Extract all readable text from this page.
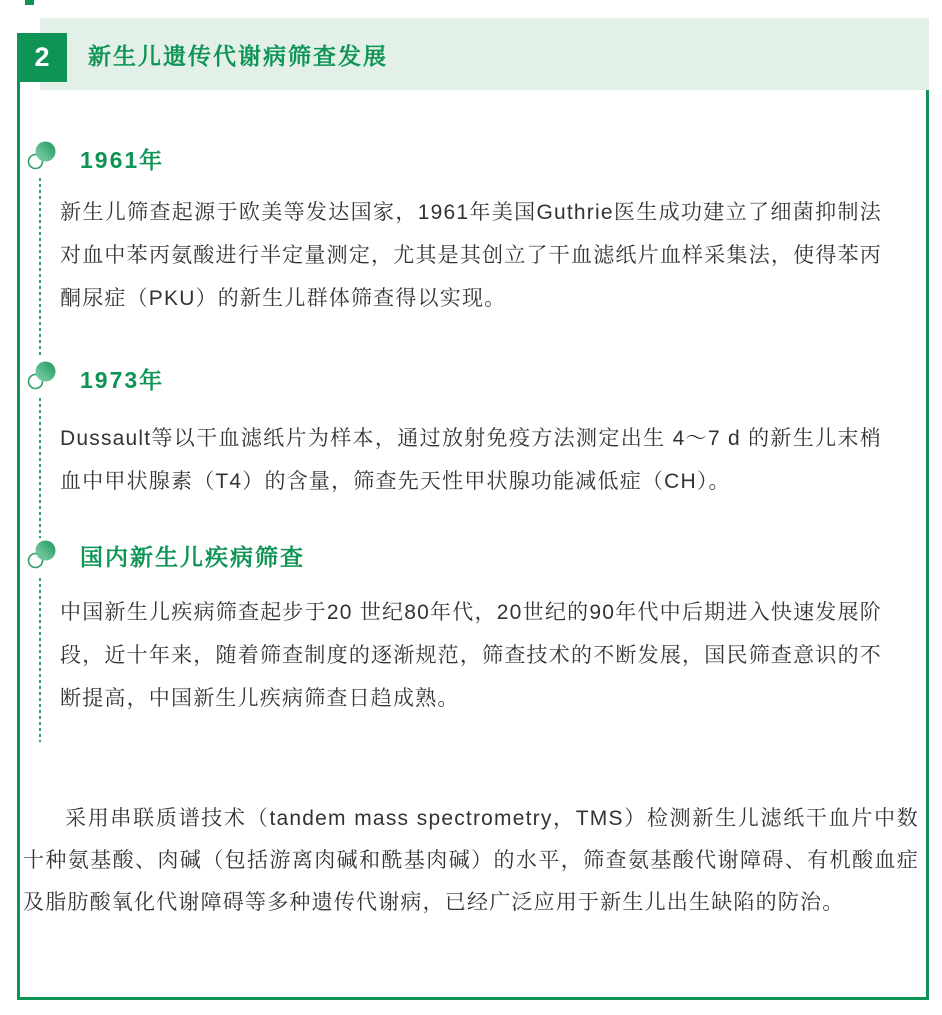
2 新生儿遗传代谢病筛查发展
1961年

新生儿筛查起源于欧美等发达国家，1961年美国Guthrie医生成功建立了细菌抑制法对血中苯丙氨酸进行半定量测定，尤其是其创立了干血滤纸片血样采集法，使得苯丙酮尿症（PKU）的新生儿群体筛查得以实现。

1973年

Dussault等以干血滤纸片为样本，通过放射免疫方法测定出生 4～7 d 的新生儿末梢血中甲状腺素（T4）的含量，筛查先天性甲状腺功能减低症（CH）。

国内新生儿疾病筛查

中国新生儿疾病筛查起步于20 世纪80年代，20世纪的90年代中后期进入快速发展阶段，近十年来，随着筛查制度的逐渐规范，筛查技术的不断发展，国民筛查意识的不断提高，中国新生儿疾病筛查日趋成熟。

采用串联质谱技术（tandem mass spectrometry，TMS）检测新生儿滤纸干血片中数十种氨基酸、肉碱（包括游离肉碱和酰基肉碱）的水平，筛查氨基酸代谢障碍、有机酸血症及脂肪酸氧化代谢障碍等多种遗传代谢病，已经广泛应用于新生儿出生缺陷的防治。
